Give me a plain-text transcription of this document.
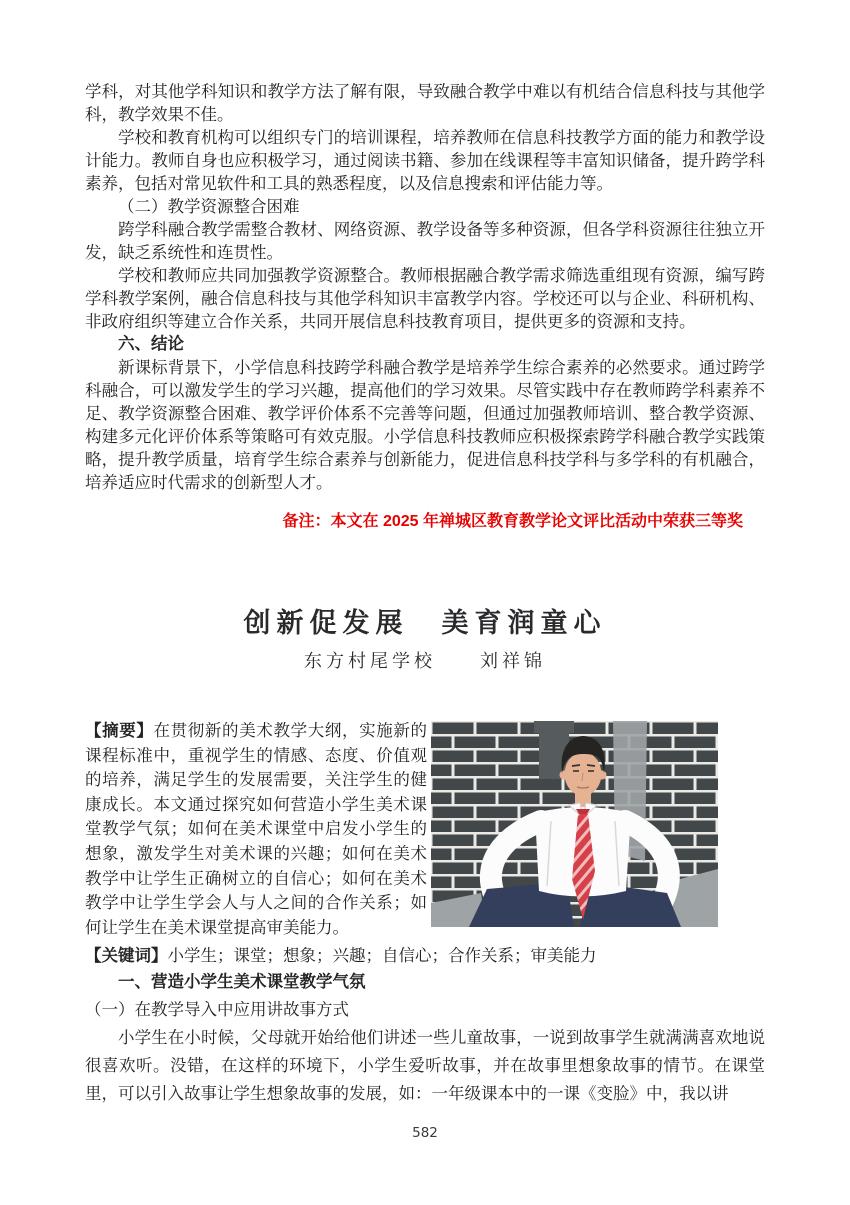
学科，对其他学科知识和教学方法了解有限，导致融合教学中难以有机结合信息科技与其他学科，教学效果不佳。

学校和教育机构可以组织专门的培训课程，培养教师在信息科技教学方面的能力和教学设计能力。教师自身也应积极学习，通过阅读书籍、参加在线课程等丰富知识储备，提升跨学科素养，包括对常见软件和工具的熟悉程度，以及信息搜索和评估能力等。

（二）教学资源整合困难

跨学科融合教学需整合教材、网络资源、教学设备等多种资源，但各学科资源往往独立开发，缺乏系统性和连贯性。

学校和教师应共同加强教学资源整合。教师根据融合教学需求筛选重组现有资源，编写跨学科教学案例，融合信息科技与其他学科知识丰富教学内容。学校还可以与企业、科研机构、非政府组织等建立合作关系，共同开展信息科技教育项目，提供更多的资源和支持。

六、结论

新课标背景下，小学信息科技跨学科融合教学是培养学生综合素养的必然要求。通过跨学科融合，可以激发学生的学习兴趣，提高他们的学习效果。尽管实践中存在教师跨学科素养不足、教学资源整合困难、教学评价体系不完善等问题，但通过加强教师培训、整合教学资源、构建多元化评价体系等策略可有效克服。小学信息科技教师应积极探索跨学科融合教学实践策略，提升教学质量，培育学生综合素养与创新能力，促进信息科技学科与多学科的有机融合，培养适应时代需求的创新型人才。

备注：本文在 2025 年禅城区教育教学论文评比活动中荣获三等奖

创新促发展　美育润童心
东方村尾学校　　刘祥锦

【摘要】在贯彻新的美术教学大纲，实施新的课程标准中，重视学生的情感、态度、价值观的培养，满足学生的发展需要，关注学生的健康成长。本文通过探究如何营造小学生美术课堂教学气氛；如何在美术课堂中启发小学生的想象，激发学生对美术课的兴趣；如何在美术教学中让学生正确树立的自信心；如何在美术教学中让学生学会人与人之间的合作关系；如何让学生在美术课堂提高审美能力。

【关键词】小学生；课堂；想象；兴趣；自信心；合作关系；审美能力

一、营造小学生美术课堂教学气氛

（一）在教学导入中应用讲故事方式

小学生在小时候，父母就开始给他们讲述一些儿童故事，一说到故事学生就满满喜欢地说很喜欢听。没错，在这样的环境下，小学生爱听故事，并在故事里想象故事的情节。在课堂里，可以引入故事让学生想象故事的发展，如：一年级课本中的一课《变脸》中，我以讲

582
